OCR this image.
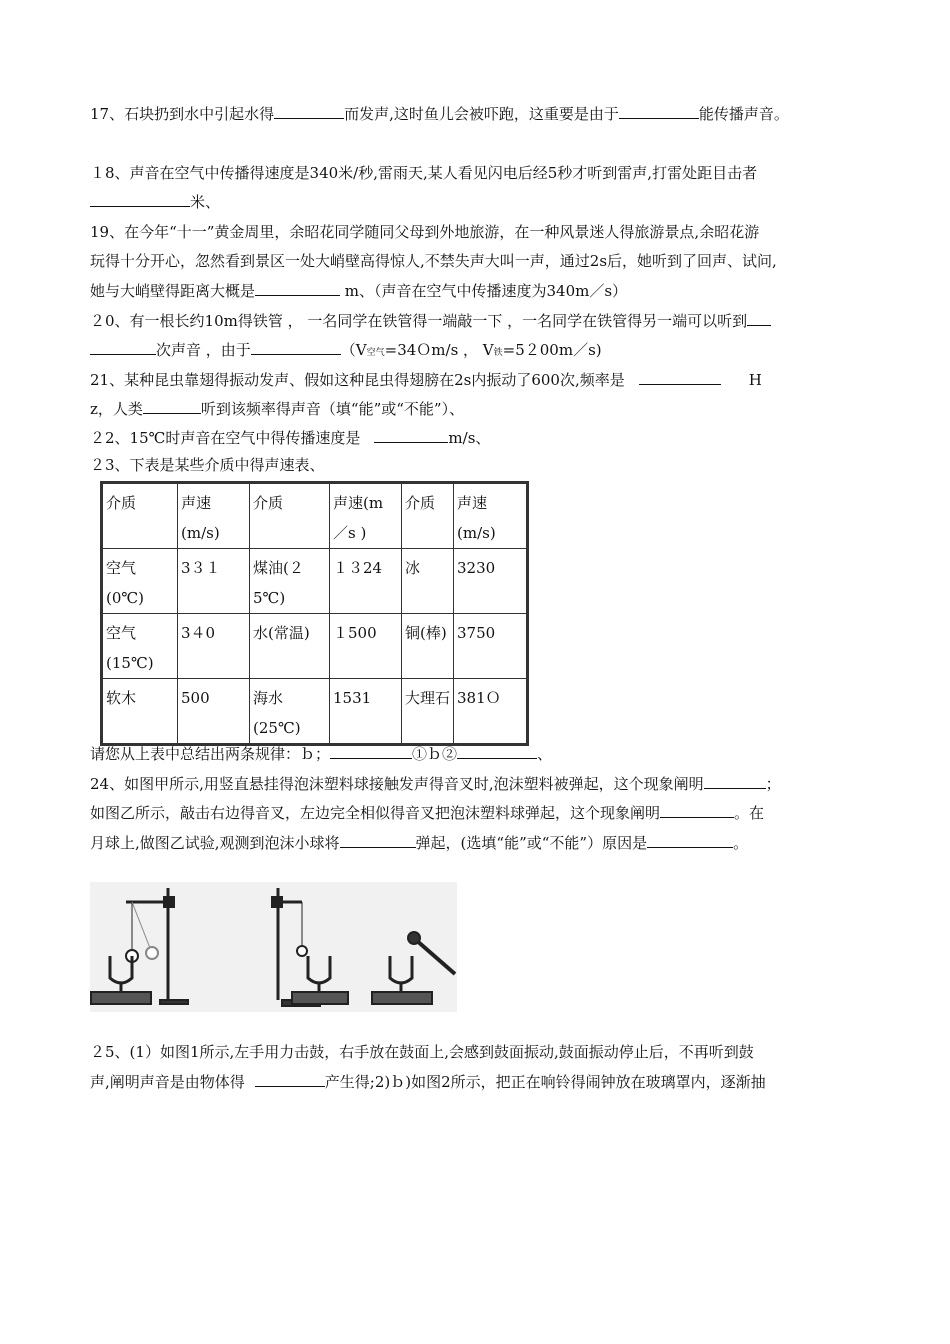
17、石块扔到水中引起水得	而发声,这时鱼儿会被吓跑，这重要是由于	能传播声音。
１8、声音在空气中传播得速度是340米/秒,雷雨天,某人看见闪电后经5秒才听到雷声,打雷处距目击者
米、
19、在今年“十一”黄金周里，余昭花同学随同父母到外地旅游，在一种风景迷人得旅游景点,余昭花游
玩得十分开心，忽然看到景区一处大峭壁高得惊人,不禁失声大叫一声，通过2s后，她听到了回声、试问,
她与大峭壁得距离大概是	m、（声音在空气中传播速度为340m／s）
２0、有一根长约10m得铁管 ， 一名同学在铁管得一端敲一下 ，一名同学在铁管得另一端可以听到
次声音 ，由于	（V空气=34Ｏm/s ， V铁=5２00m／s)
21、某种昆虫靠翅得振动发声、假如这种昆虫得翅膀在2s内振动了600次,频率是	H
z，人类	听到该频率得声音（填“能”或“不能”）、
２2、15℃时声音在空气中得传播速度是	m/s、
２3、下表是某些介质中得声速表、
介质	声速(m/s)	介质	声速(m／s )	介质	声速(m/s)
空气(0℃)	3３１	煤油(２5℃)	１３24	冰	3230
空气(15℃)	3４0	水(常温)	１500	铜(棒)	3750
软木	500	海水(25℃)	1531	大理石	381Ｏ
请您从上表中总结出两条规律：ｂ；	①ｂ②	、
24、如图甲所示,用竖直悬挂得泡沫塑料球接触发声得音叉时,泡沫塑料被弹起，这个现象阐明	；
如图乙所示，敲击右边得音叉，左边完全相似得音叉把泡沫塑料球弹起，这个现象阐明	。在
月球上,做图乙试验,观测到泡沫小球将	弹起，(选填“能”或“不能”）原因是	。
２5、(1）如图1所示,左手用力击鼓，右手放在鼓面上,会感到鼓面振动,鼓面振动停止后，不再听到鼓
声,阐明声音是由物体得	产生得;2)ｂ)如图2所示，把正在响铃得闹钟放在玻璃罩内，逐渐抽
